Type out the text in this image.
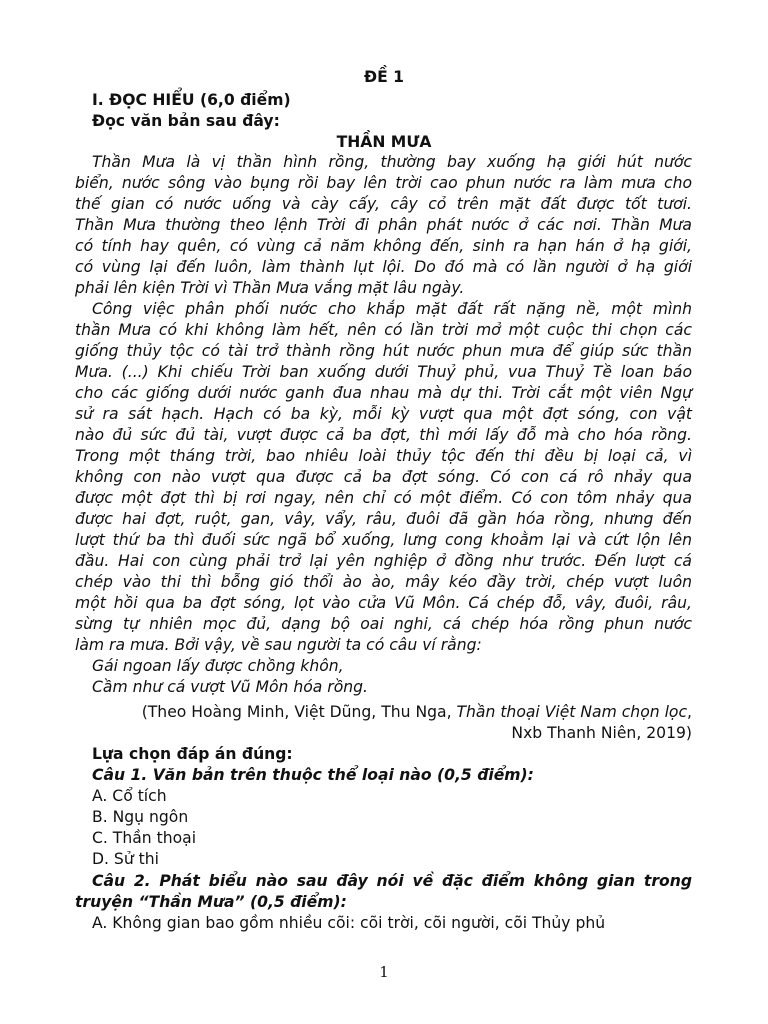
ĐỀ 1
I. ĐỌC HIỂU (6,0 điểm)
Đọc văn bản sau đây:
THẦN MƯA
Thần Mưa là vị thần hình rồng, thường bay xuống hạ giới hút nước
biển, nước sông vào bụng rồi bay lên trời cao phun nước ra làm mưa cho
thế gian có nước uống và cày cấy, cây cỏ trên mặt đất được tốt tươi.
Thần Mưa thường theo lệnh Trời đi phân phát nước ở các nơi. Thần Mưa
có tính hay quên, có vùng cả năm không đến, sinh ra hạn hán ở hạ giới,
có vùng lại đến luôn, làm thành lụt lội. Do đó mà có lần người ở hạ giới
phải lên kiện Trời vì Thần Mưa vắng mặt lâu ngày.
Công việc phân phối nước cho khắp mặt đất rất nặng nề, một mình
thần Mưa có khi không làm hết, nên có lần trời mở một cuộc thi chọn các
giống thủy tộc có tài trở thành rồng hút nước phun mưa để giúp sức thần
Mưa. (...) Khi chiếu Trời ban xuống dưới Thuỷ phủ, vua Thuỷ Tề loan báo
cho các giống dưới nước ganh đua nhau mà dự thi. Trời cắt một viên Ngự
sử ra sát hạch. Hạch có ba kỳ, mỗi kỳ vượt qua một đợt sóng, con vật
nào đủ sức đủ tài, vượt được cả ba đợt, thì mới lấy đỗ mà cho hóa rồng.
Trong một tháng trời, bao nhiêu loài thủy tộc đến thi đều bị loại cả, vì
không con nào vượt qua được cả ba đợt sóng. Có con cá rô nhảy qua
được một đợt thì bị rơi ngay, nên chỉ có một điểm. Có con tôm nhảy qua
được hai đợt, ruột, gan, vây, vẩy, râu, đuôi đã gần hóa rồng, nhưng đến
lượt thứ ba thì đuối sức ngã bổ xuống, lưng cong khoằm lại và cứt lộn lên
đầu. Hai con cùng phải trở lại yên nghiệp ở đồng như trước. Đến lượt cá
chép vào thi thì bỗng gió thổi ào ào, mây kéo đầy trời, chép vượt luôn
một hồi qua ba đợt sóng, lọt vào cửa Vũ Môn. Cá chép đỗ, vây, đuôi, râu,
sừng tự nhiên mọc đủ, dạng bộ oai nghi, cá chép hóa rồng phun nước
làm ra mưa. Bởi vậy, về sau người ta có câu ví rằng:
Gái ngoan lấy được chồng khôn,
Cầm như cá vượt Vũ Môn hóa rồng.
(Theo Hoàng Minh, Việt Dũng, Thu Nga, Thần thoại Việt Nam chọn lọc,
Nxb Thanh Niên, 2019)
Lựa chọn đáp án đúng:
Câu 1. Văn bản trên thuộc thể loại nào (0,5 điểm):
A. Cổ tích
B. Ngụ ngôn
C. Thần thoại
D. Sử thi
Câu 2. Phát biểu nào sau đây nói về đặc điểm không gian trong
truyện “Thần Mưa” (0,5 điểm):
A. Không gian bao gồm nhiều cõi: cõi trời, cõi người, cõi Thủy phủ
1
